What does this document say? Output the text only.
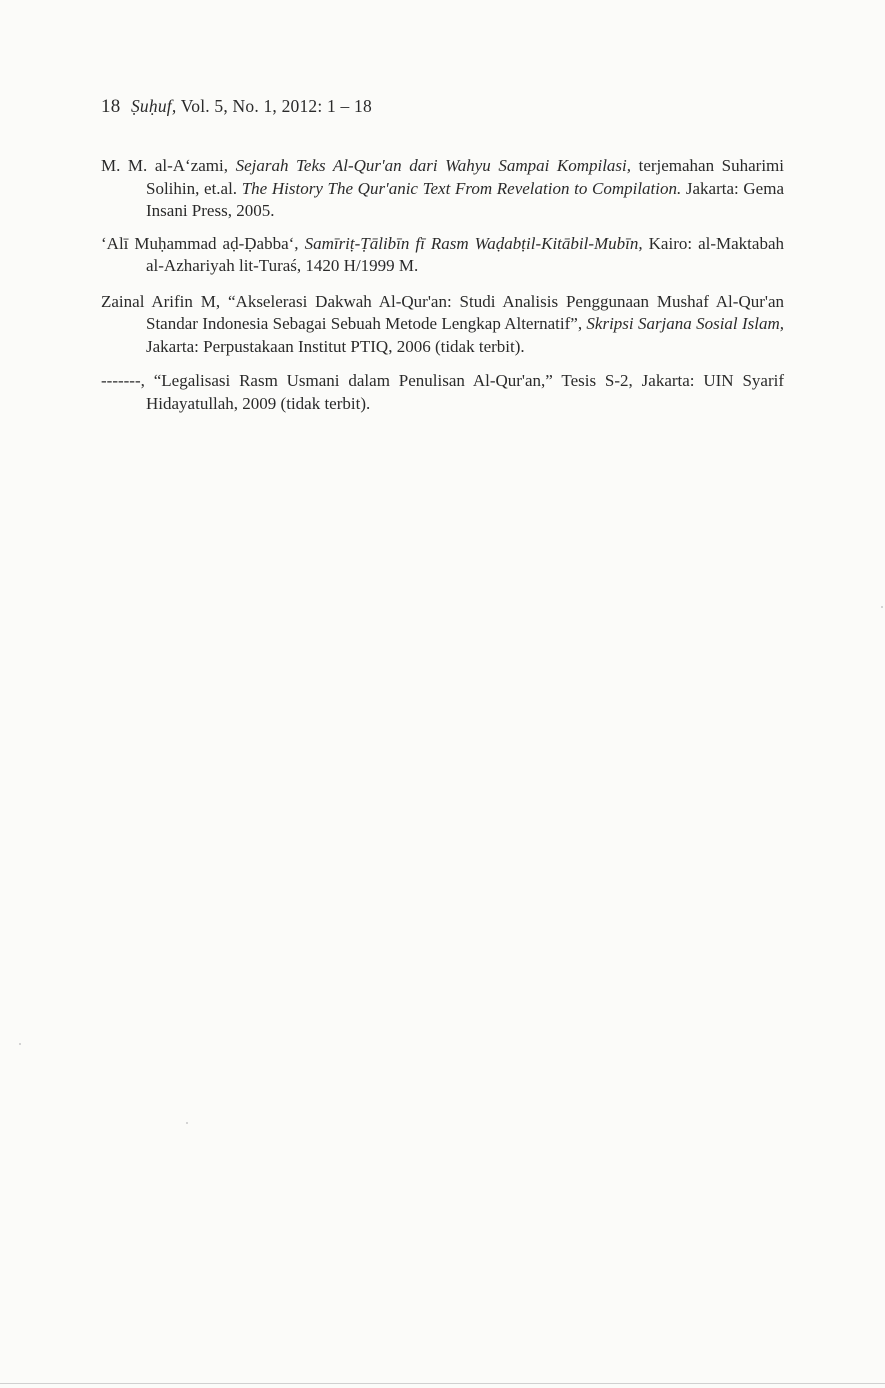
18 Ṣuḥuf, Vol. 5, No. 1, 2012: 1 – 18

M. M. al-A‘zami, Sejarah Teks Al-Qur'an dari Wahyu Sampai Kompilasi, terjemahan Suharimi Solihin, et.al. The History The Qur'anic Text From Revelation to Compilation. Jakarta: Gema Insani Press, 2005.

‘Alī Muḥammad aḍ-Ḍabba‘, Samīriṭ-Ṭālibīn fī Rasm Waḍabṭil-Kitābil-Mubīn, Kairo: al-Maktabah al-Azhariyah lit-Turaś, 1420 H/1999 M.

Zainal Arifin M, “Akselerasi Dakwah Al-Qur'an: Studi Analisis Penggunaan Mushaf Al-Qur'an Standar Indonesia Sebagai Sebuah Metode Lengkap Alternatif”, Skripsi Sarjana Sosial Islam, Jakarta: Perpustakaan Institut PTIQ, 2006 (tidak terbit).

-------, “Legalisasi Rasm Usmani dalam Penulisan Al-Qur'an,” Tesis S-2, Jakarta: UIN Syarif Hidayatullah, 2009 (tidak terbit).
